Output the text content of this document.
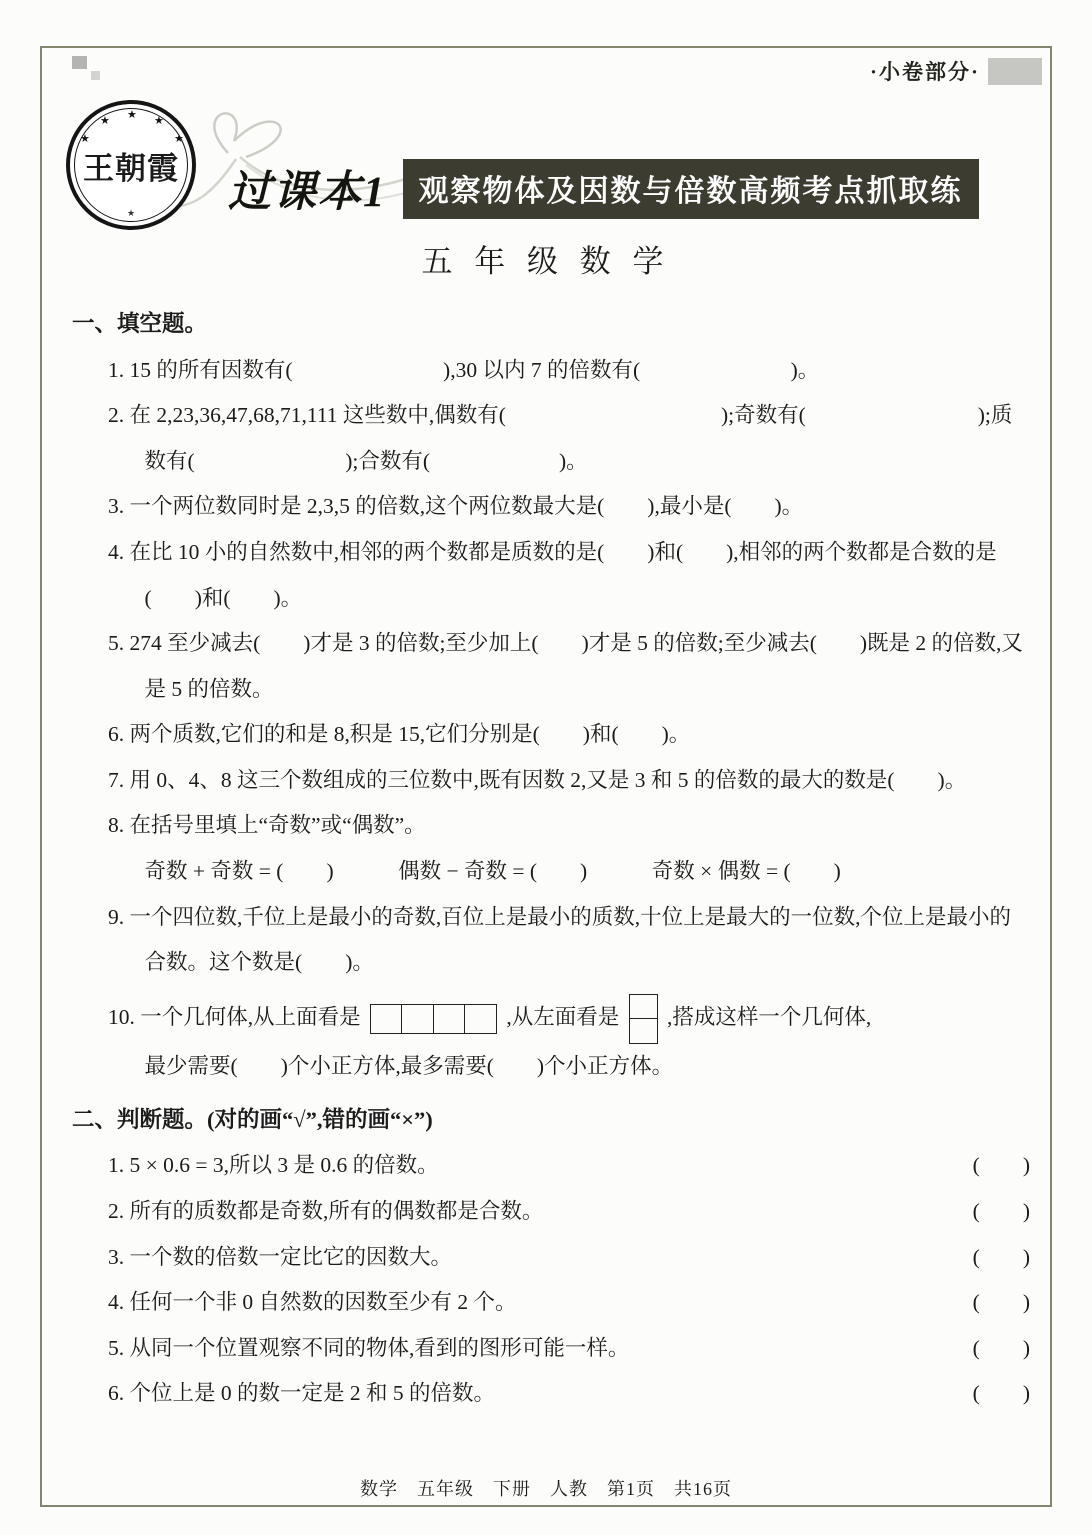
·小卷部分·
★
★ ★ ★
★
★
王朝霞
过课本1	观察物体及因数与倍数高频考点抓取练
五 年 级 数 学
一、填空题。
1. 15 的所有因数有(　　　　　　　),30 以内 7 的倍数有(　　　　　　　)。
2. 在 2,23,36,47,68,71,111 这些数中,偶数有(　　　　　　　　　　);奇数有(　　　　　　　　);质数有(　　　　　　　);合数有(　　　　　　)。
3. 一个两位数同时是 2,3,5 的倍数,这个两位数最大是(　　),最小是(　　)。
4. 在比 10 小的自然数中,相邻的两个数都是质数的是(　　)和(　　),相邻的两个数都是合数的是(　　)和(　　)。
5. 274 至少减去(　　)才是 3 的倍数;至少加上(　　)才是 5 的倍数;至少减去(　　)既是 2 的倍数,又是 5 的倍数。
6. 两个质数,它们的和是 8,积是 15,它们分别是(　　)和(　　)。
7. 用 0、4、8 这三个数组成的三位数中,既有因数 2,又是 3 和 5 的倍数的最大的数是(　　)。
8. 在括号里填上“奇数”或“偶数”。
奇数 + 奇数 = (　　)　　　偶数 − 奇数 = (　　)　　　奇数 × 偶数 = (　　)
9. 一个四位数,千位上是最小的奇数,百位上是最小的质数,十位上是最大的一位数,个位上是最小的合数。这个数是(　　)。
10. 一个几何体,从上面看是	,从左面看是 ,搭成这样一个几何体,
最少需要(　　)个小正方体,最多需要(　　)个小正方体。
二、判断题。(对的画“√”,错的画“×”)
1. 5 × 0.6 = 3,所以 3 是 0.6 的倍数。	(　　)
2. 所有的质数都是奇数,所有的偶数都是合数。	(　　)
3. 一个数的倍数一定比它的因数大。	(　　)
4. 任何一个非 0 自然数的因数至少有 2 个。	(　　)
5. 从同一个位置观察不同的物体,看到的图形可能一样。	(　　)
6. 个位上是 0 的数一定是 2 和 5 的倍数。	(　　)
数学　五年级　下册　人教　第1页　共16页
